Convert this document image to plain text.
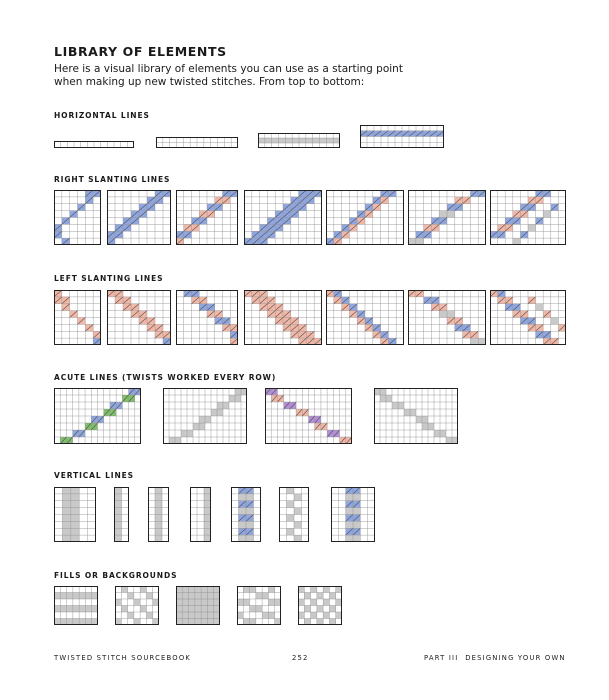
LIBRARY OF ELEMENTS
Here is a visual library of elements you can use as a starting point when making up new twisted stitches. From top to bottom:
HORIZONTAL LINES
RIGHT SLANTING LINES
LEFT SLANTING LINES
ACUTE LINES (TWISTS WORKED EVERY ROW)
VERTICAL LINES
FILLS OR BACKGROUNDS
TWISTED STITCH SOURCEBOOK	252	PART III  DESIGNING YOUR OWN
